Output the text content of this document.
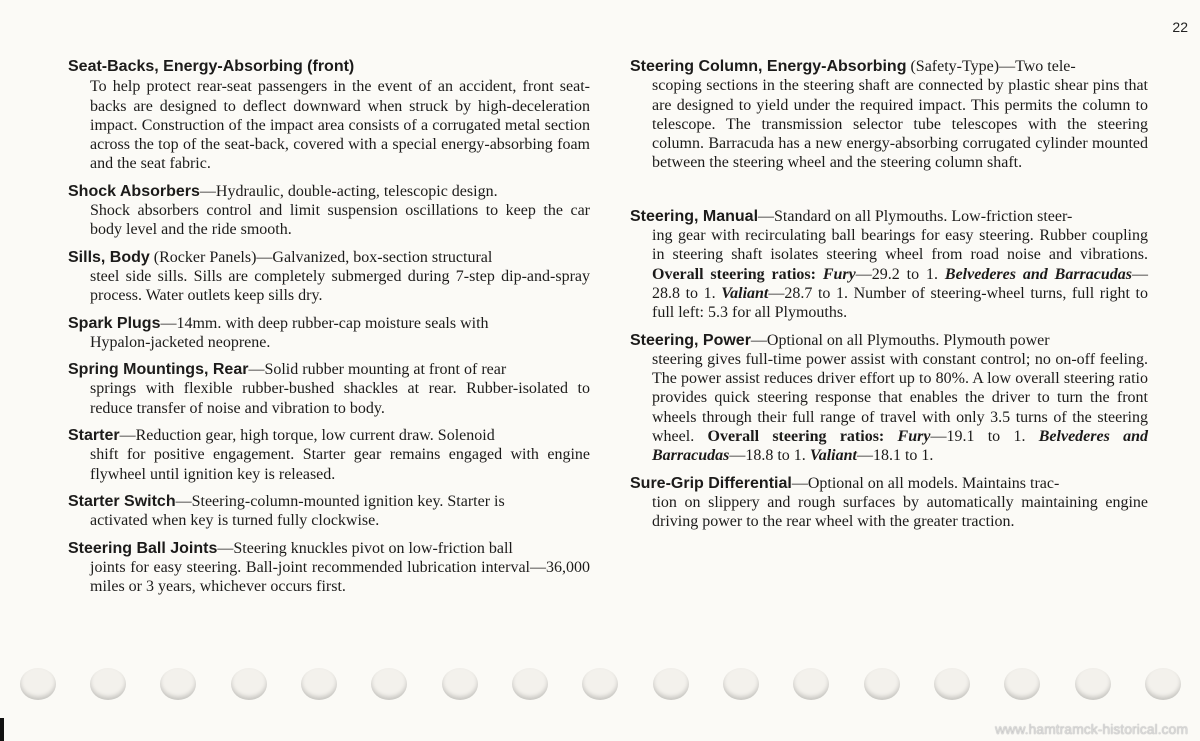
22

Seat-Backs, Energy-Absorbing (front)
To help protect rear-seat passengers in the event of an accident, front seat-backs are designed to deflect downward when struck by high-deceleration impact. Construction of the impact area consists of a corrugated metal section across the top of the seat-back, covered with a special energy-absorbing foam and the seat fabric.

Shock Absorbers—Hydraulic, double-acting, telescopic design.
Shock absorbers control and limit suspension oscillations to keep the car body level and the ride smooth.

Sills, Body (Rocker Panels)—Galvanized, box-section structural
steel side sills. Sills are completely submerged during 7-step dip-and-spray process. Water outlets keep sills dry.

Spark Plugs—14mm. with deep rubber-cap moisture seals with
Hypalon-jacketed neoprene.

Spring Mountings, Rear—Solid rubber mounting at front of rear
springs with flexible rubber-bushed shackles at rear. Rubber-isolated to reduce transfer of noise and vibration to body.

Starter—Reduction gear, high torque, low current draw. Solenoid
shift for positive engagement. Starter gear remains engaged with engine flywheel until ignition key is released.

Starter Switch—Steering-column-mounted ignition key. Starter is
activated when key is turned fully clockwise.

Steering Ball Joints—Steering knuckles pivot on low-friction ball
joints for easy steering. Ball-joint recommended lubrication interval—36,000 miles or 3 years, whichever occurs first.

Steering Column, Energy-Absorbing (Safety-Type)—Two tele-
scoping sections in the steering shaft are connected by plastic shear pins that are designed to yield under the required impact. This permits the column to telescope. The transmission selector tube telescopes with the steering column. Barracuda has a new energy-absorbing corrugated cylinder mounted between the steering wheel and the steering column shaft.

Steering, Manual—Standard on all Plymouths. Low-friction steer-
ing gear with recirculating ball bearings for easy steering. Rubber coupling in steering shaft isolates steering wheel from road noise and vibrations. Overall steering ratios: Fury—29.2 to 1. Belvederes and Barracudas—28.8 to 1. Valiant—28.7 to 1. Number of steering-wheel turns, full right to full left: 5.3 for all Plymouths.

Steering, Power—Optional on all Plymouths. Plymouth power
steering gives full-time power assist with constant control; no on-off feeling. The power assist reduces driver effort up to 80%. A low overall steering ratio provides quick steering response that enables the driver to turn the front wheels through their full range of travel with only 3.5 turns of the steering wheel. Overall steering ratios: Fury—19.1 to 1. Belvederes and Barracudas—18.8 to 1. Valiant—18.1 to 1.

Sure-Grip Differential—Optional on all models. Maintains trac-
tion on slippery and rough surfaces by automatically maintaining engine driving power to the rear wheel with the greater traction.

www.hamtramck-historical.com
